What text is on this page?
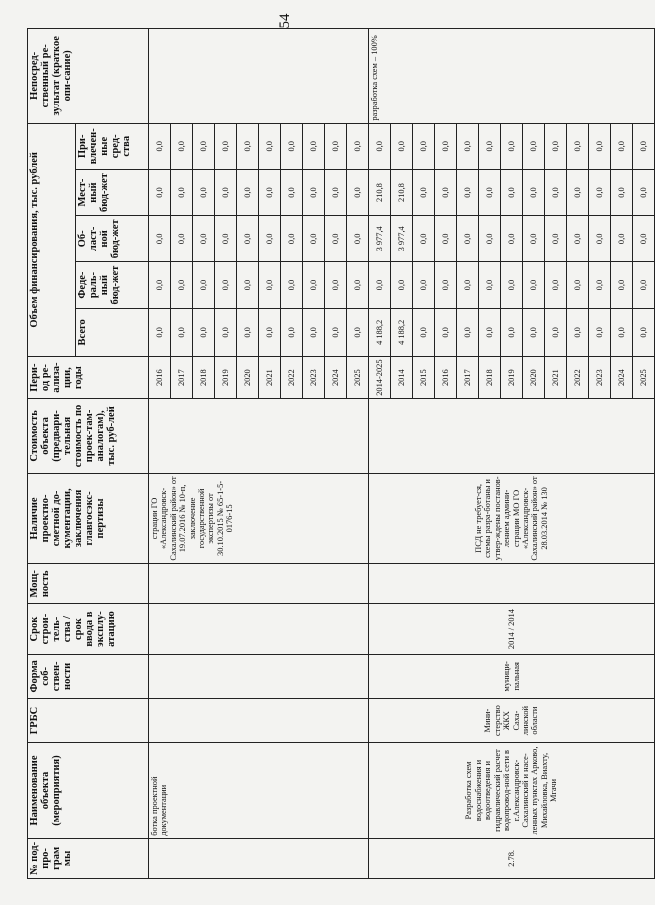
54
№ под-про-грам мы	Наименование объекта (мероприятия)	ГРБС	Форма соб-ствен-ности	Срок строи-тель-ства / срок ввода в эксплу-атацию	Мощ-ность	Наличие проектно-сметной до-кументации, заключения главгосэкс-пертизы	Стоимость объекта (предвари-тельная стоимость по проек-там-аналогам), тыс. руб-лей	Пери-од ре-ализа-ции, годы	Объем финансирования, тыс. рублей					Непосред-ственный ре-зультат (краткое опи-сание)
									Всего	Феде-раль-ный бюд-жет	Об-ласт-ной бюд-жет	Мест-ный бюд-жет	При-влечен-ные сред-ства	
	ботка проектной документации					страции ГО «Александровск-Сахалинский район» от 19.07.2016 № 10-п, заключение государственной экспертизы от 30.10.2015 № 65-1-5-0176-15		2016	0,0	0,0	0,0	0,0	0,0	
								2017	0,0	0,0	0,0	0,0	0,0	
								2018	0,0	0,0	0,0	0,0	0,0	
								2019	0,0	0,0	0,0	0,0	0,0	
								2020	0,0	0,0	0,0	0,0	0,0	
								2021	0,0	0,0	0,0	0,0	0,0	
								2022	0,0	0,0	0,0	0,0	0,0	
								2023	0,0	0,0	0,0	0,0	0,0	
								2024	0,0	0,0	0,0	0,0	0,0	
								2025	0,0	0,0	0,0	0,0	0,0	
2.78.	Разработка схем водоснабжения и водоотведения и гидравлический расчет водопровод-ной сети в г.Александровск-Сахалинский и насе-ленных пунктах Арково, Михайловка, Виахту, Мгачи	Мини-стерство ЖКХ Саха-линской области	муници-пальная	2014 / 2014		ПСД не требует-ся, схемы разра-ботаны и утвер-ждены постанов-лением админи-страции МО ГО «Александровск-Сахалинский район» от 28.03.2014 № 130		2014-2025	4 188,2	0,0	3 977,4	210,8	0,0	разработка схем – 100%
								2014	4 188,2	0,0	3 977,4	210,8	0,0	
								2015	0,0	0,0	0,0	0,0	0,0	
								2016	0,0	0,0	0,0	0,0	0,0	
								2017	0,0	0,0	0,0	0,0	0,0	
								2018	0,0	0,0	0,0	0,0	0,0	
								2019	0,0	0,0	0,0	0,0	0,0	
								2020	0,0	0,0	0,0	0,0	0,0	
								2021	0,0	0,0	0,0	0,0	0,0	
								2022	0,0	0,0	0,0	0,0	0,0	
								2023	0,0	0,0	0,0	0,0	0,0	
								2024	0,0	0,0	0,0	0,0	0,0	
								2025	0,0	0,0	0,0	0,0	0,0	
